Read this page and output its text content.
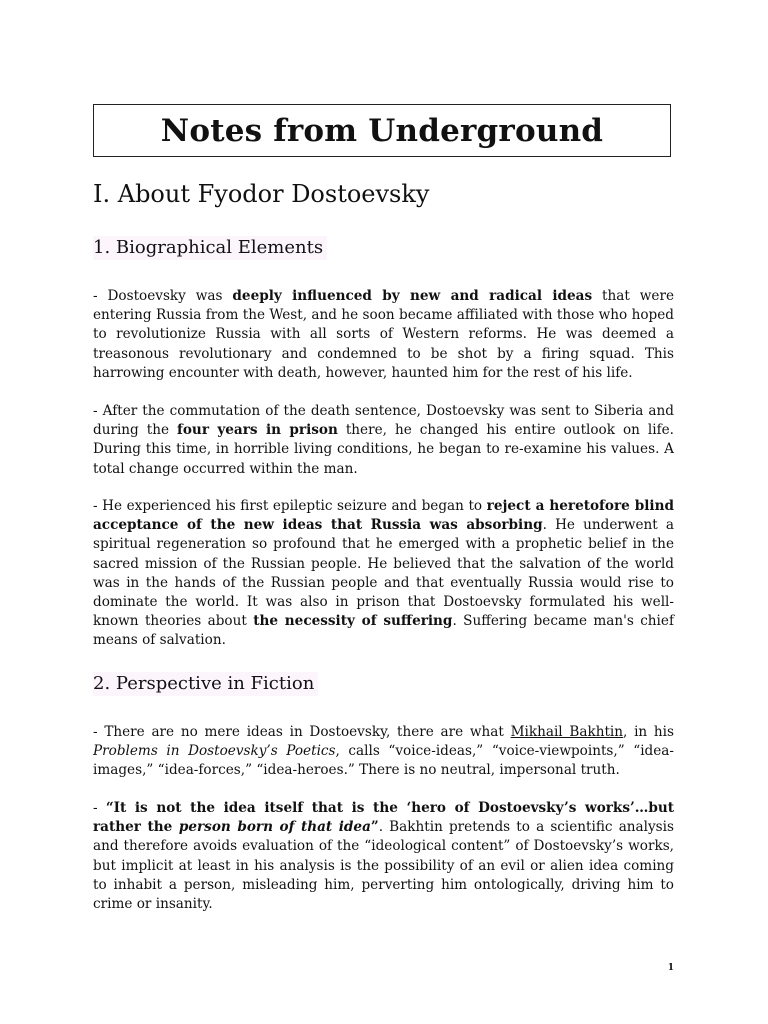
Notes from Underground
I. About Fyodor Dostoevsky
1. Biographical Elements

- Dostoevsky was deeply influenced by new and radical ideas that were entering Russia from the West, and he soon became affiliated with those who hoped to revolutionize Russia with all sorts of Western reforms. He was deemed a treasonous revolutionary and condemned to be shot by a firing squad. This harrowing encounter with death, however, haunted him for the rest of his life.

- After the commutation of the death sentence, Dostoevsky was sent to Siberia and during the four years in prison there, he changed his entire outlook on life. During this time, in horrible living conditions, he began to re-examine his values. A total change occurred within the man.

- He experienced his first epileptic seizure and began to reject a heretofore blind acceptance of the new ideas that Russia was absorbing. He underwent a spiritual regeneration so profound that he emerged with a prophetic belief in the sacred mission of the Russian people. He believed that the salvation of the world was in the hands of the Russian people and that eventually Russia would rise to dominate the world. It was also in prison that Dostoevsky formulated his well-known theories about the necessity of suffering. Suffering became man's chief means of salvation.

2. Perspective in Fiction

- There are no mere ideas in Dostoevsky, there are what Mikhail Bakhtin, in his Problems in Dostoevsky’s Poetics, calls “voice-ideas,” “voice-viewpoints,” “idea-images,” “idea-forces,” “idea-heroes.” There is no neutral, impersonal truth.

- “It is not the idea itself that is the ‘hero of Dostoevsky’s works’…but rather the person born of that idea”. Bakhtin pretends to a scientific analysis and therefore avoids evaluation of the “ideological content” of Dostoevsky’s works, but implicit at least in his analysis is the possibility of an evil or alien idea coming to inhabit a person, misleading him, perverting him ontologically, driving him to crime or insanity.

1
